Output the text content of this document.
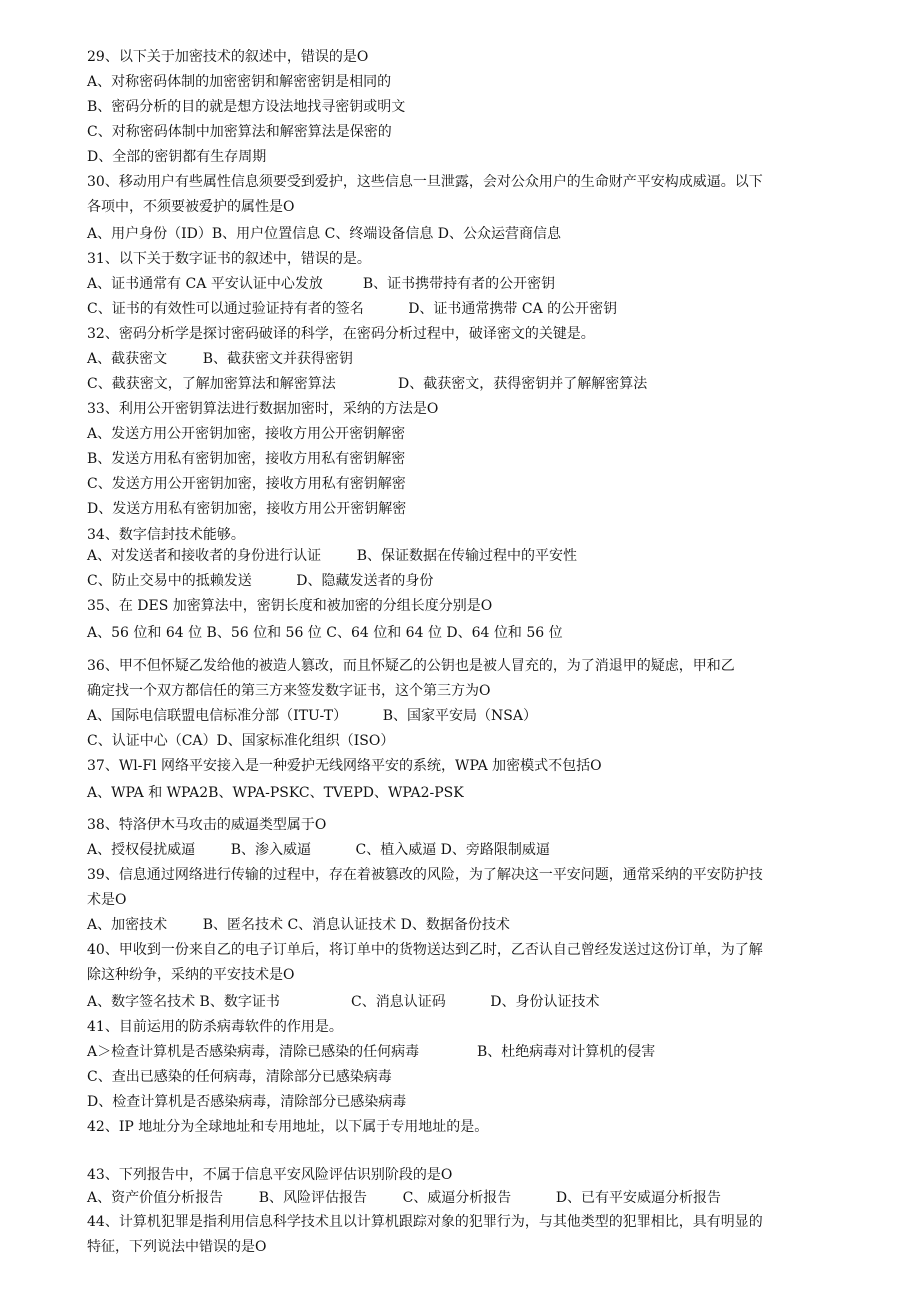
29、以下关于加密技术的叙述中，错误的是O
A、对称密码体制的加密密钥和解密密钥是相同的
B、密码分析的目的就是想方设法地找寻密钥或明文
C、对称密码体制中加密算法和解密算法是保密的
D、全部的密钥都有生存周期
30、移动用户有些属性信息须要受到爱护，这些信息一旦泄露，会对公众用户的生命财产平安构成威逼。以下
各项中，不须要被爱护的属性是O
A、用户身份（ID）B、用户位置信息 C、终端设备信息 D、公众运营商信息
31、以下关于数字证书的叙述中，错误的是。
A、证书通常有 CA 平安认证中心发放         B、证书携带持有者的公开密钥
C、证书的有效性可以通过验证持有者的签名          D、证书通常携带 CA 的公开密钥
32、密码分析学是探讨密码破译的科学，在密码分析过程中，破译密文的关键是。
A、截获密文        B、截获密文并获得密钥
C、截获密文，了解加密算法和解密算法              D、截获密文，获得密钥并了解解密算法
33、利用公开密钥算法进行数据加密时，采纳的方法是O
A、发送方用公开密钥加密，接收方用公开密钥解密
B、发送方用私有密钥加密，接收方用私有密钥解密
C、发送方用公开密钥加密，接收方用私有密钥解密
D、发送方用私有密钥加密，接收方用公开密钥解密
34、数字信封技术能够。
A、对发送者和接收者的身份进行认证        B、保证数据在传输过程中的平安性
C、防止交易中的抵赖发送          D、隐藏发送者的身份
35、在 DES 加密算法中，密钥长度和被加密的分组长度分别是O
A、56 位和 64 位 B、56 位和 56 位 C、64 位和 64 位 D、64 位和 56 位
36、甲不但怀疑乙发给他的被造人篡改，而且怀疑乙的公钥也是被人冒充的，为了消退甲的疑虑，甲和乙
确定找一个双方都信任的第三方来签发数字证书，这个第三方为O
A、国际电信联盟电信标准分部（ITU-T）        B、国家平安局（NSA）
C、认证中心（CA）D、国家标准化组织（ISO）
37、Wl-Fl 网络平安接入是一种爱护无线网络平安的系统，WPA 加密模式不包括O
A、WPA 和 WPA2B、WPA-PSKC、TVEPD、WPA2-PSK
38、特洛伊木马攻击的威逼类型属于O
A、授权侵扰威逼        B、渗入威逼          C、植入威逼 D、旁路限制威逼
39、信息通过网络进行传输的过程中，存在着被篡改的风险，为了解决这一平安问题，通常采纳的平安防护技
术是O
A、加密技术        B、匿名技术 C、消息认证技术 D、数据备份技术
40、甲收到一份来自乙的电子订单后，将订单中的货物送达到乙时，乙否认自己曾经发送过这份订单，为了解
除这种纷争，采纳的平安技术是O
A、数字签名技术 B、数字证书                C、消息认证码          D、身份认证技术
41、目前运用的防杀病毒软件的作用是。
A＞检查计算机是否感染病毒，清除已感染的任何病毒             B、杜绝病毒对计算机的侵害
C、查出已感染的任何病毒，清除部分已感染病毒
D、检查计算机是否感染病毒，清除部分已感染病毒
42、IP 地址分为全球地址和专用地址，以下属于专用地址的是。
43、下列报告中，不属于信息平安风险评估识别阶段的是O
A、资产价值分析报告        B、风险评估报告        C、威逼分析报告          D、已有平安威逼分析报告
44、计算机犯罪是指利用信息科学技术且以计算机跟踪对象的犯罪行为，与其他类型的犯罪相比，具有明显的
特征，下列说法中错误的是O
